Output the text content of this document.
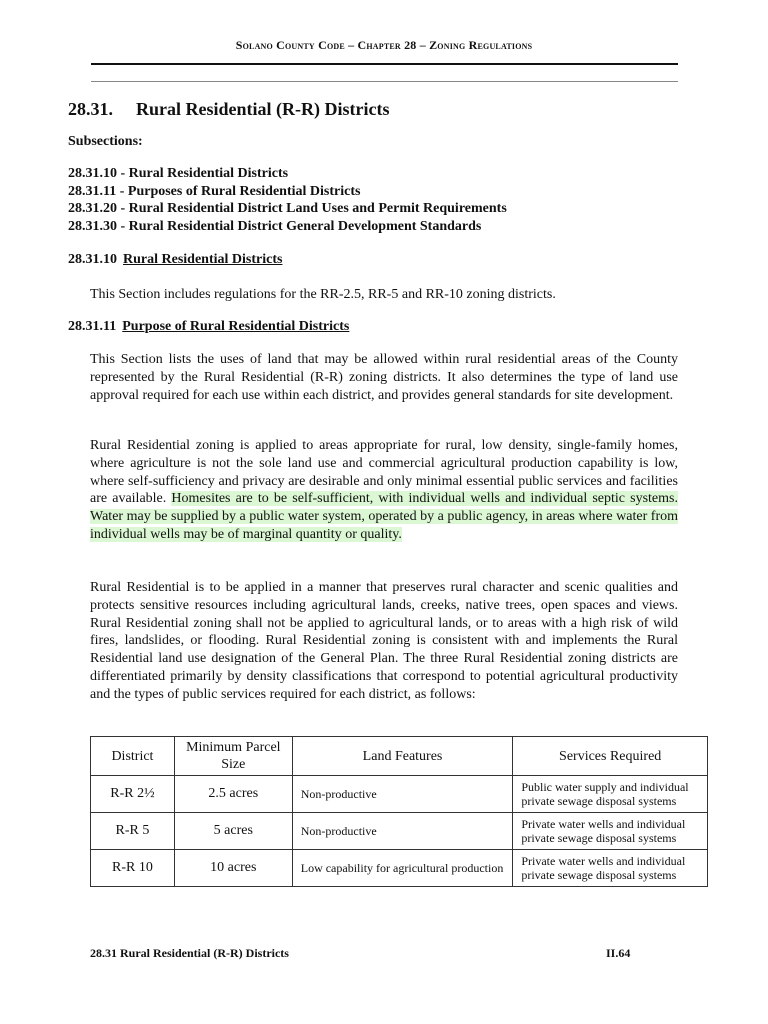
Solano County Code – Chapter 28 – Zoning Regulations
28.31. Rural Residential (R-R) Districts
Subsections:
28.31.10 - Rural Residential Districts
28.31.11 - Purposes of Rural Residential Districts
28.31.20 - Rural Residential District Land Uses and Permit Requirements
28.31.30 - Rural Residential District General Development Standards
28.31.10 Rural Residential Districts
This Section includes regulations for the RR-2.5, RR-5 and RR-10 zoning districts.
28.31.11 Purpose of Rural Residential Districts
This Section lists the uses of land that may be allowed within rural residential areas of the County represented by the Rural Residential (R-R) zoning districts. It also determines the type of land use approval required for each use within each district, and provides general standards for site development.
Rural Residential zoning is applied to areas appropriate for rural, low density, single-family homes, where agriculture is not the sole land use and commercial agricultural production capability is low, where self-sufficiency and privacy are desirable and only minimal essential public services and facilities are available. Homesites are to be self-sufficient, with individual wells and individual septic systems. Water may be supplied by a public water system, operated by a public agency, in areas where water from individual wells may be of marginal quantity or quality.
Rural Residential is to be applied in a manner that preserves rural character and scenic qualities and protects sensitive resources including agricultural lands, creeks, native trees, open spaces and views. Rural Residential zoning shall not be applied to agricultural lands, or to areas with a high risk of wild fires, landslides, or flooding. Rural Residential zoning is consistent with and implements the Rural Residential land use designation of the General Plan. The three Rural Residential zoning districts are differentiated primarily by density classifications that correspond to potential agricultural productivity and the types of public services required for each district, as follows:
District	Minimum Parcel Size	Land Features	Services Required
R-R 2½	2.5 acres	Non-productive	Public water supply and individual private sewage disposal systems
R-R 5	5 acres	Non-productive	Private water wells and individual private sewage disposal systems
R-R 10	10 acres	Low capability for agricultural production	Private water wells and individual private sewage disposal systems
28.31 Rural Residential (R-R) Districts	II.64
